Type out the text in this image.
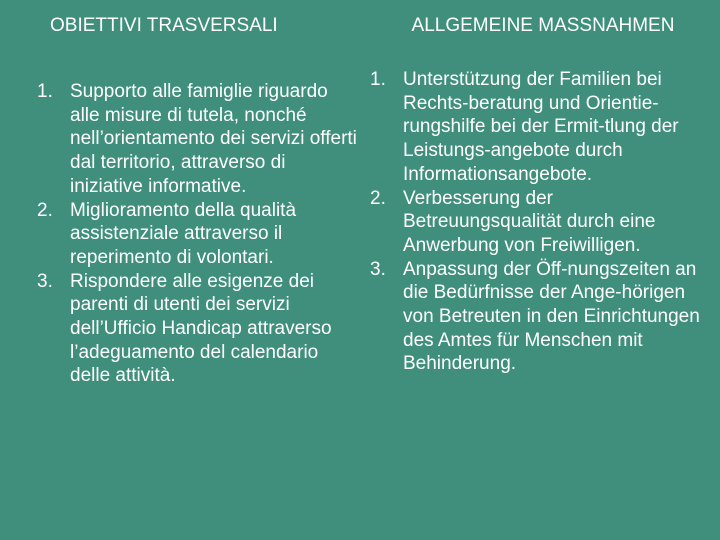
OBIETTIVI TRASVERSALI
1. Supporto alle famiglie riguardo alle misure di tutela, nonché nell’orientamento dei servizi offerti dal territorio, attraverso di iniziative informative.
2. Miglioramento della qualità assistenziale attraverso il reperimento di volontari.
3. Rispondere alle esigenze dei parenti di utenti dei servizi dell’Ufficio Handicap attraverso l’adeguamento del calendario delle attività.
ALLGEMEINE MASSNAHMEN
1. Unterstützung der Familien bei Rechts-beratung und Orientie-rungshilfe bei der Ermit-tlung der Leistungs-angebote durch Informationsangebote.
2. Verbesserung der Betreuungsqualität durch eine Anwerbung von Freiwilligen.
3. Anpassung der Öff-nungszeiten an die Bedürfnisse der Ange-hörigen von Betreuten in den Einrichtungen des Amtes für Menschen mit Behinderung.
